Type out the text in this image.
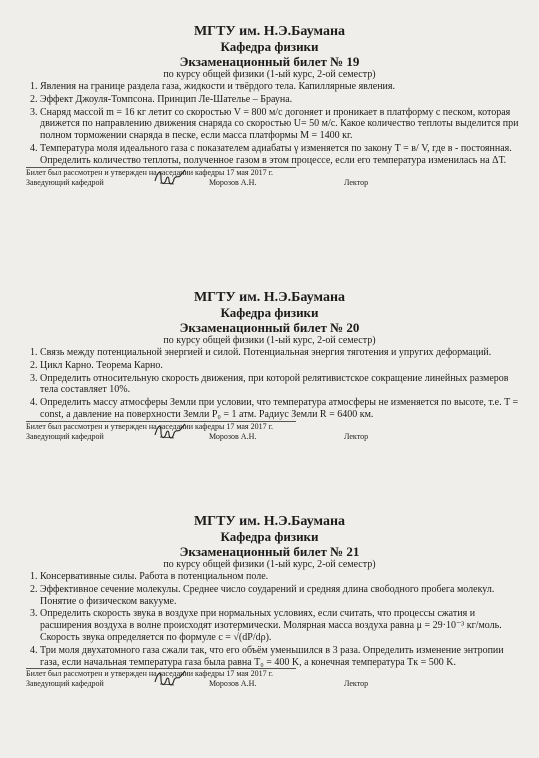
МГТУ им. Н.Э.Баумана
Кафедра физики
Экзаменационный билет № 19
по курсу общей физики (1-ый курс, 2-ой семестр)
1. Явления на границе раздела газа, жидкости и твёрдого тела. Капиллярные явления.
2. Эффект Джоуля-Томпсона. Принцип Ле-Шателье – Брауна.
3. Снаряд массой m = 16 кг летит со скоростью V = 800 м/с догоняет и проникает в платформу с песком, которая движется по направлению движения снаряда со скоростью U= 50 м/с. Какое количество теплоты выделится при полном торможении снаряда в песке, если масса платформы M = 1400 кг.
4. Температура моля идеального газа с показателем адиабаты γ изменяется по закону T = в/ V, где в - постоянная. Определить количество теплоты, полученное газом в этом процессе, если его температура изменилась на ΔТ.
Билет был рассмотрен и утвержден на заседании кафедры 17 мая 2017 г.
Заведующий кафедрой	Морозов А.Н.	Лектор
МГТУ им. Н.Э.Баумана
Кафедра физики
Экзаменационный билет № 20
по курсу общей физики (1-ый курс, 2-ой семестр)
1. Связь между потенциальной энергией и силой. Потенциальная энергия тяготения и упругих деформаций.
2. Цикл Карно. Теорема Карно.
3. Определить относительную скорость движения, при которой релятивистское сокращение линейных размеров тела составляет 10%.
4. Определить массу атмосферы Земли при условии, что температура атмосферы не изменяется по высоте, т.е. T = const, а давление на поверхности Земли P₀ = 1 атм. Радиус Земли R = 6400 км.
Билет был рассмотрен и утвержден на заседании кафедры 17 мая 2017 г.
Заведующий кафедрой	Морозов А.Н.	Лектор
МГТУ им. Н.Э.Баумана
Кафедра физики
Экзаменационный билет № 21
по курсу общей физики (1-ый курс, 2-ой семестр)
1. Консервативные силы. Работа в потенциальном поле.
2. Эффективное сечение молекулы. Среднее число соударений и средняя длина свободного пробега молекул. Понятие о физическом вакууме.
3. Определить скорость звука в воздухе при нормальных условиях, если считать, что процессы сжатия и расширения воздуха в волне происходят изотермически. Молярная масса воздуха равна μ = 29·10⁻³ кг/моль. Скорость звука определяется по формуле c = √(dP/dρ).
4. Три моля двухатомного газа сжали так, что его объём уменьшился в 3 раза. Определить изменение энтропии газа, если начальная температура газа была равна T₀ = 400 K, а конечная температура Tк = 500 K.
Билет был рассмотрен и утвержден на заседании кафедры 17 мая 2017 г.
Заведующий кафедрой	Морозов А.Н.	Лектор
